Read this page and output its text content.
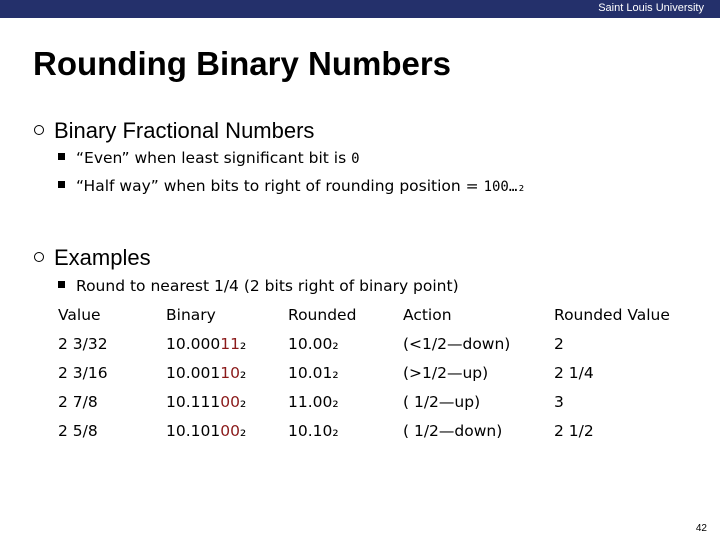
Saint Louis University
Rounding Binary Numbers
Binary Fractional Numbers
“Even” when least significant bit is 0
“Half way” when bits to right of rounding position = 100…₂
Examples
Round to nearest 1/4 (2 bits right of binary point)
Value	Binary	Rounded	Action	Rounded Value
2 3/32	10.00011₂	10.00₂	(<1/2—down)	2
2 3/16	10.00110₂	10.01₂	(>1/2—up)	2 1/4
2 7/8	10.11100₂	11.00₂	( 1/2—up)	3
2 5/8	10.10100₂	10.10₂	( 1/2—down)	2 1/2
42
